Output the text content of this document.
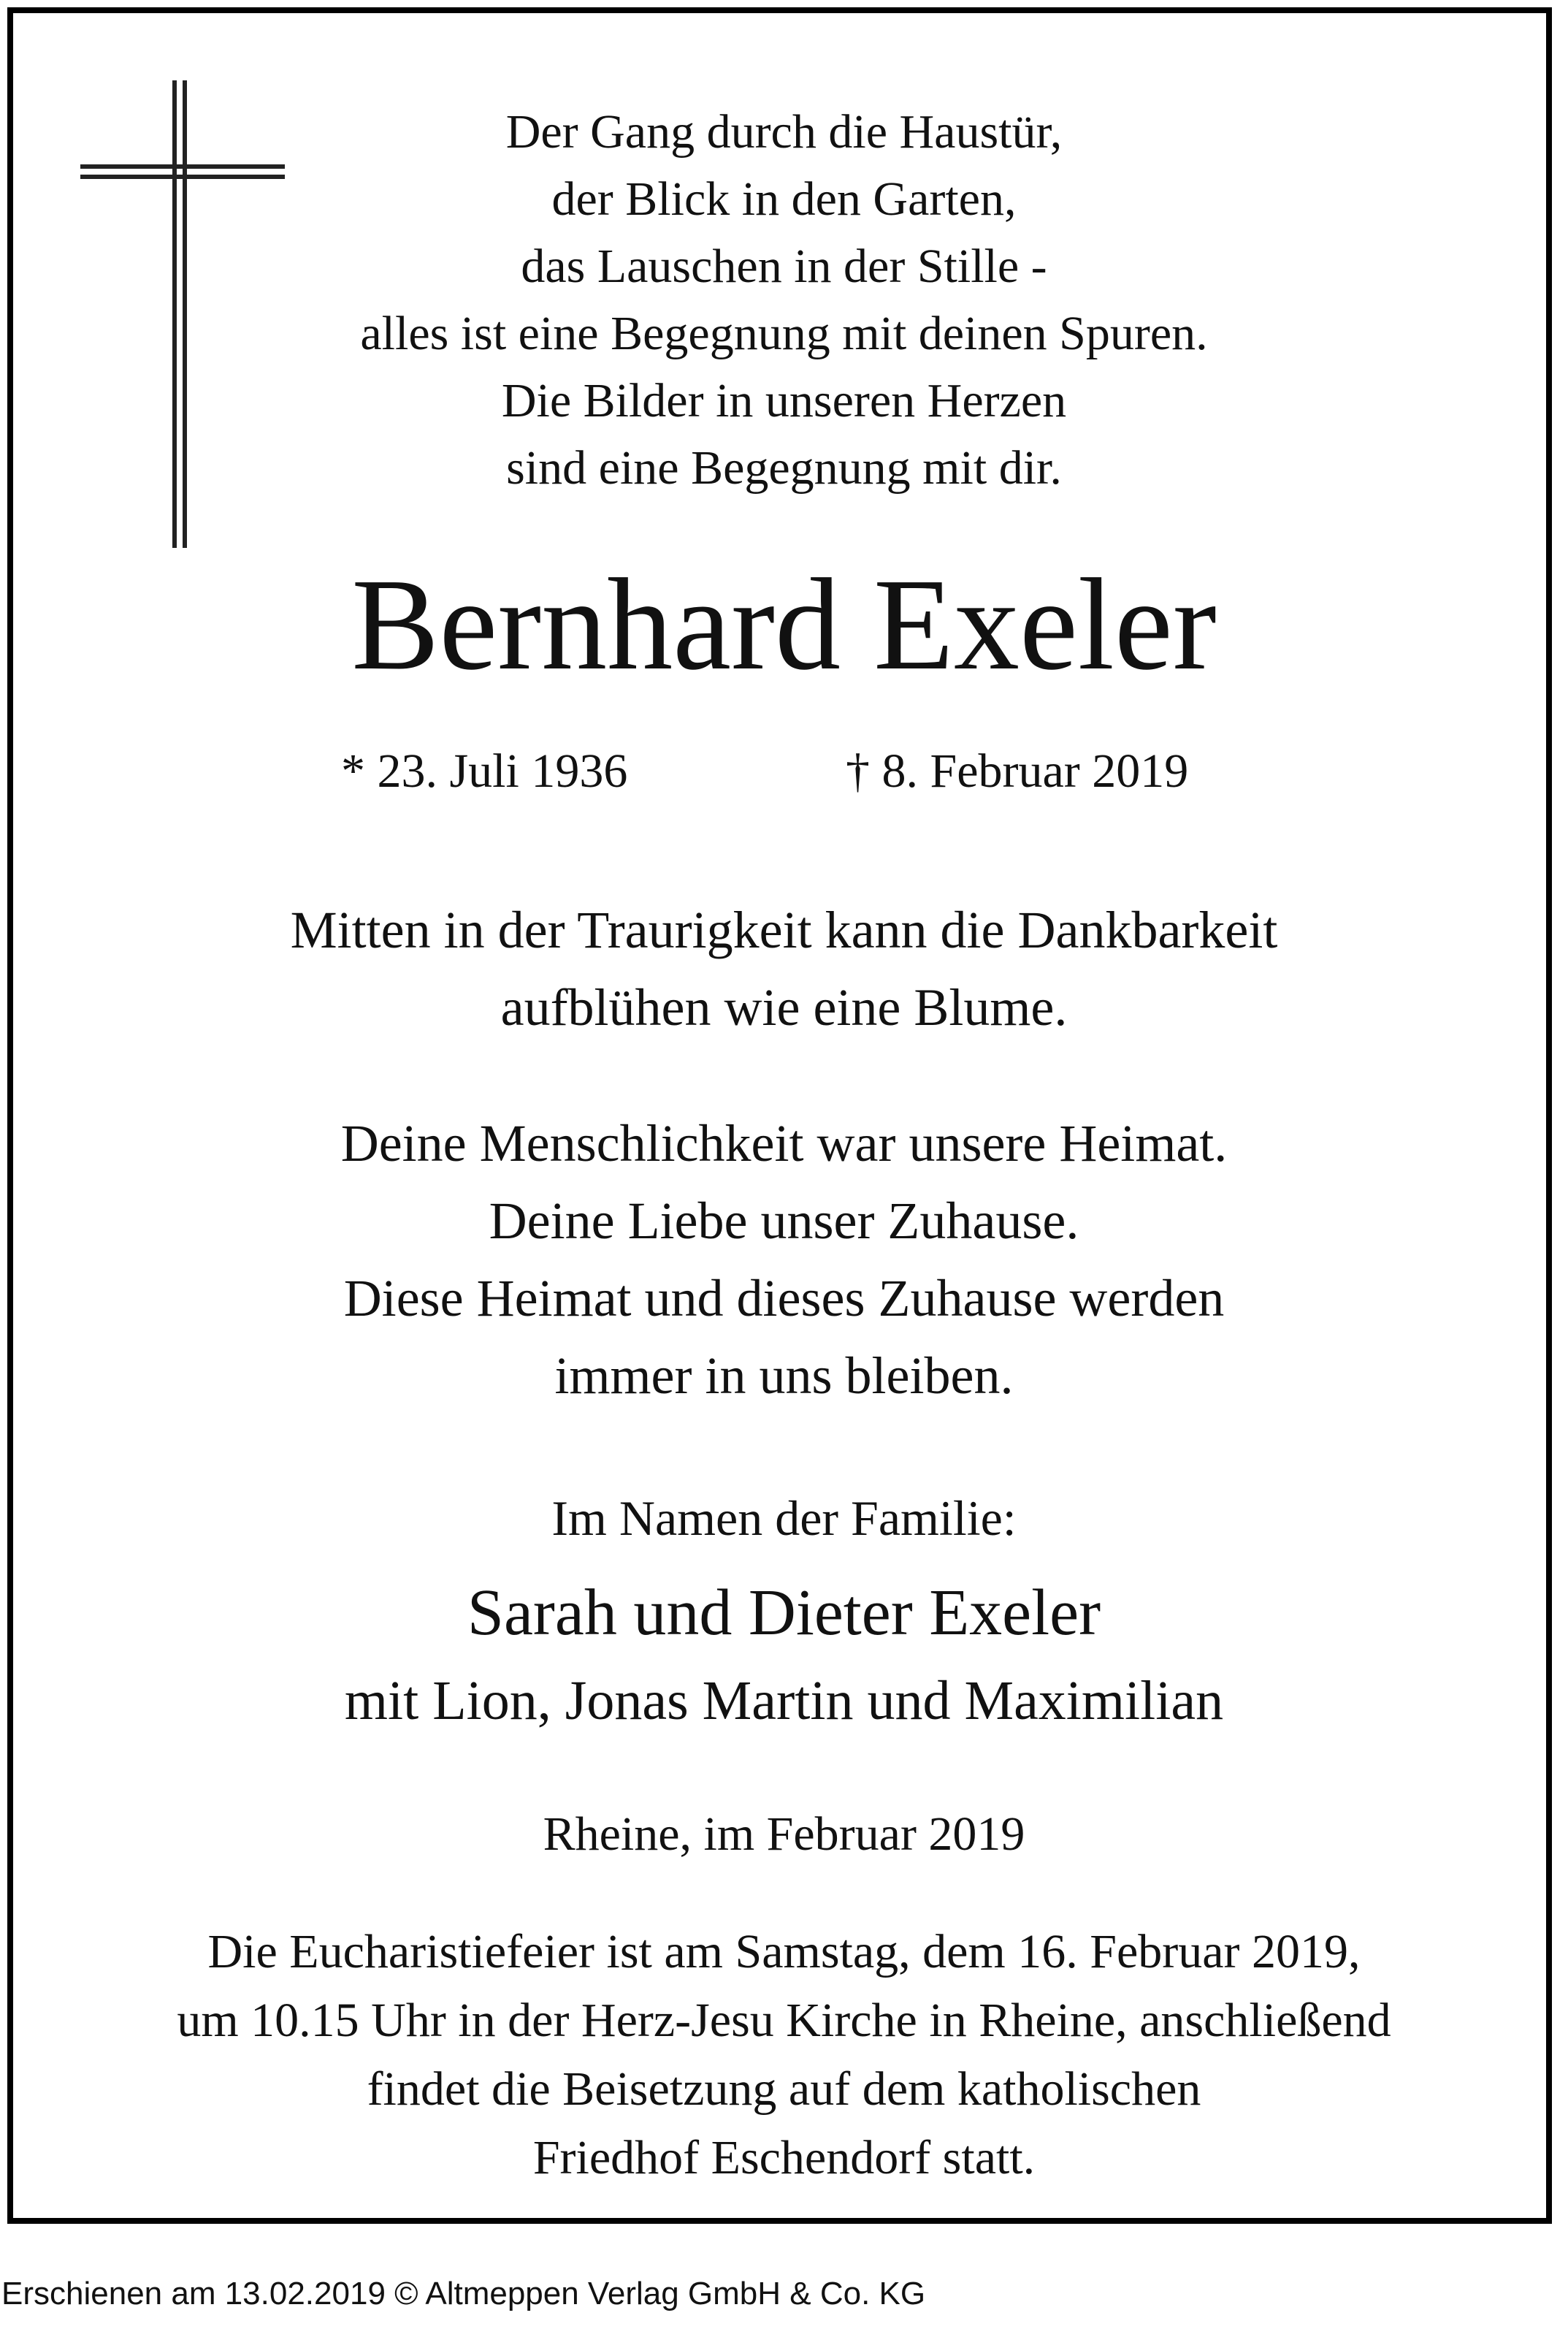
Der Gang durch die Haustür,
der Blick in den Garten,
das Lauschen in der Stille -
alles ist eine Begegnung mit deinen Spuren.
Die Bilder in unseren Herzen
sind eine Begegnung mit dir.
Bernhard Exeler
* 23. Juli 1936	† 8. Februar 2019
Mitten in der Traurigkeit kann die Dankbarkeit
aufblühen wie eine Blume.
Deine Menschlichkeit war unsere Heimat.
Deine Liebe unser Zuhause.
Diese Heimat und dieses Zuhause werden
immer in uns bleiben.
Im Namen der Familie:
Sarah und Dieter Exeler
mit Lion, Jonas Martin und Maximilian
Rheine, im Februar 2019
Die Eucharistiefeier ist am Samstag, dem 16. Februar 2019,
um 10.15 Uhr in der Herz-Jesu Kirche in Rheine, anschließend
findet die Beisetzung auf dem katholischen
Friedhof Eschendorf statt.
Erschienen am 13.02.2019 © Altmeppen Verlag GmbH & Co. KG
